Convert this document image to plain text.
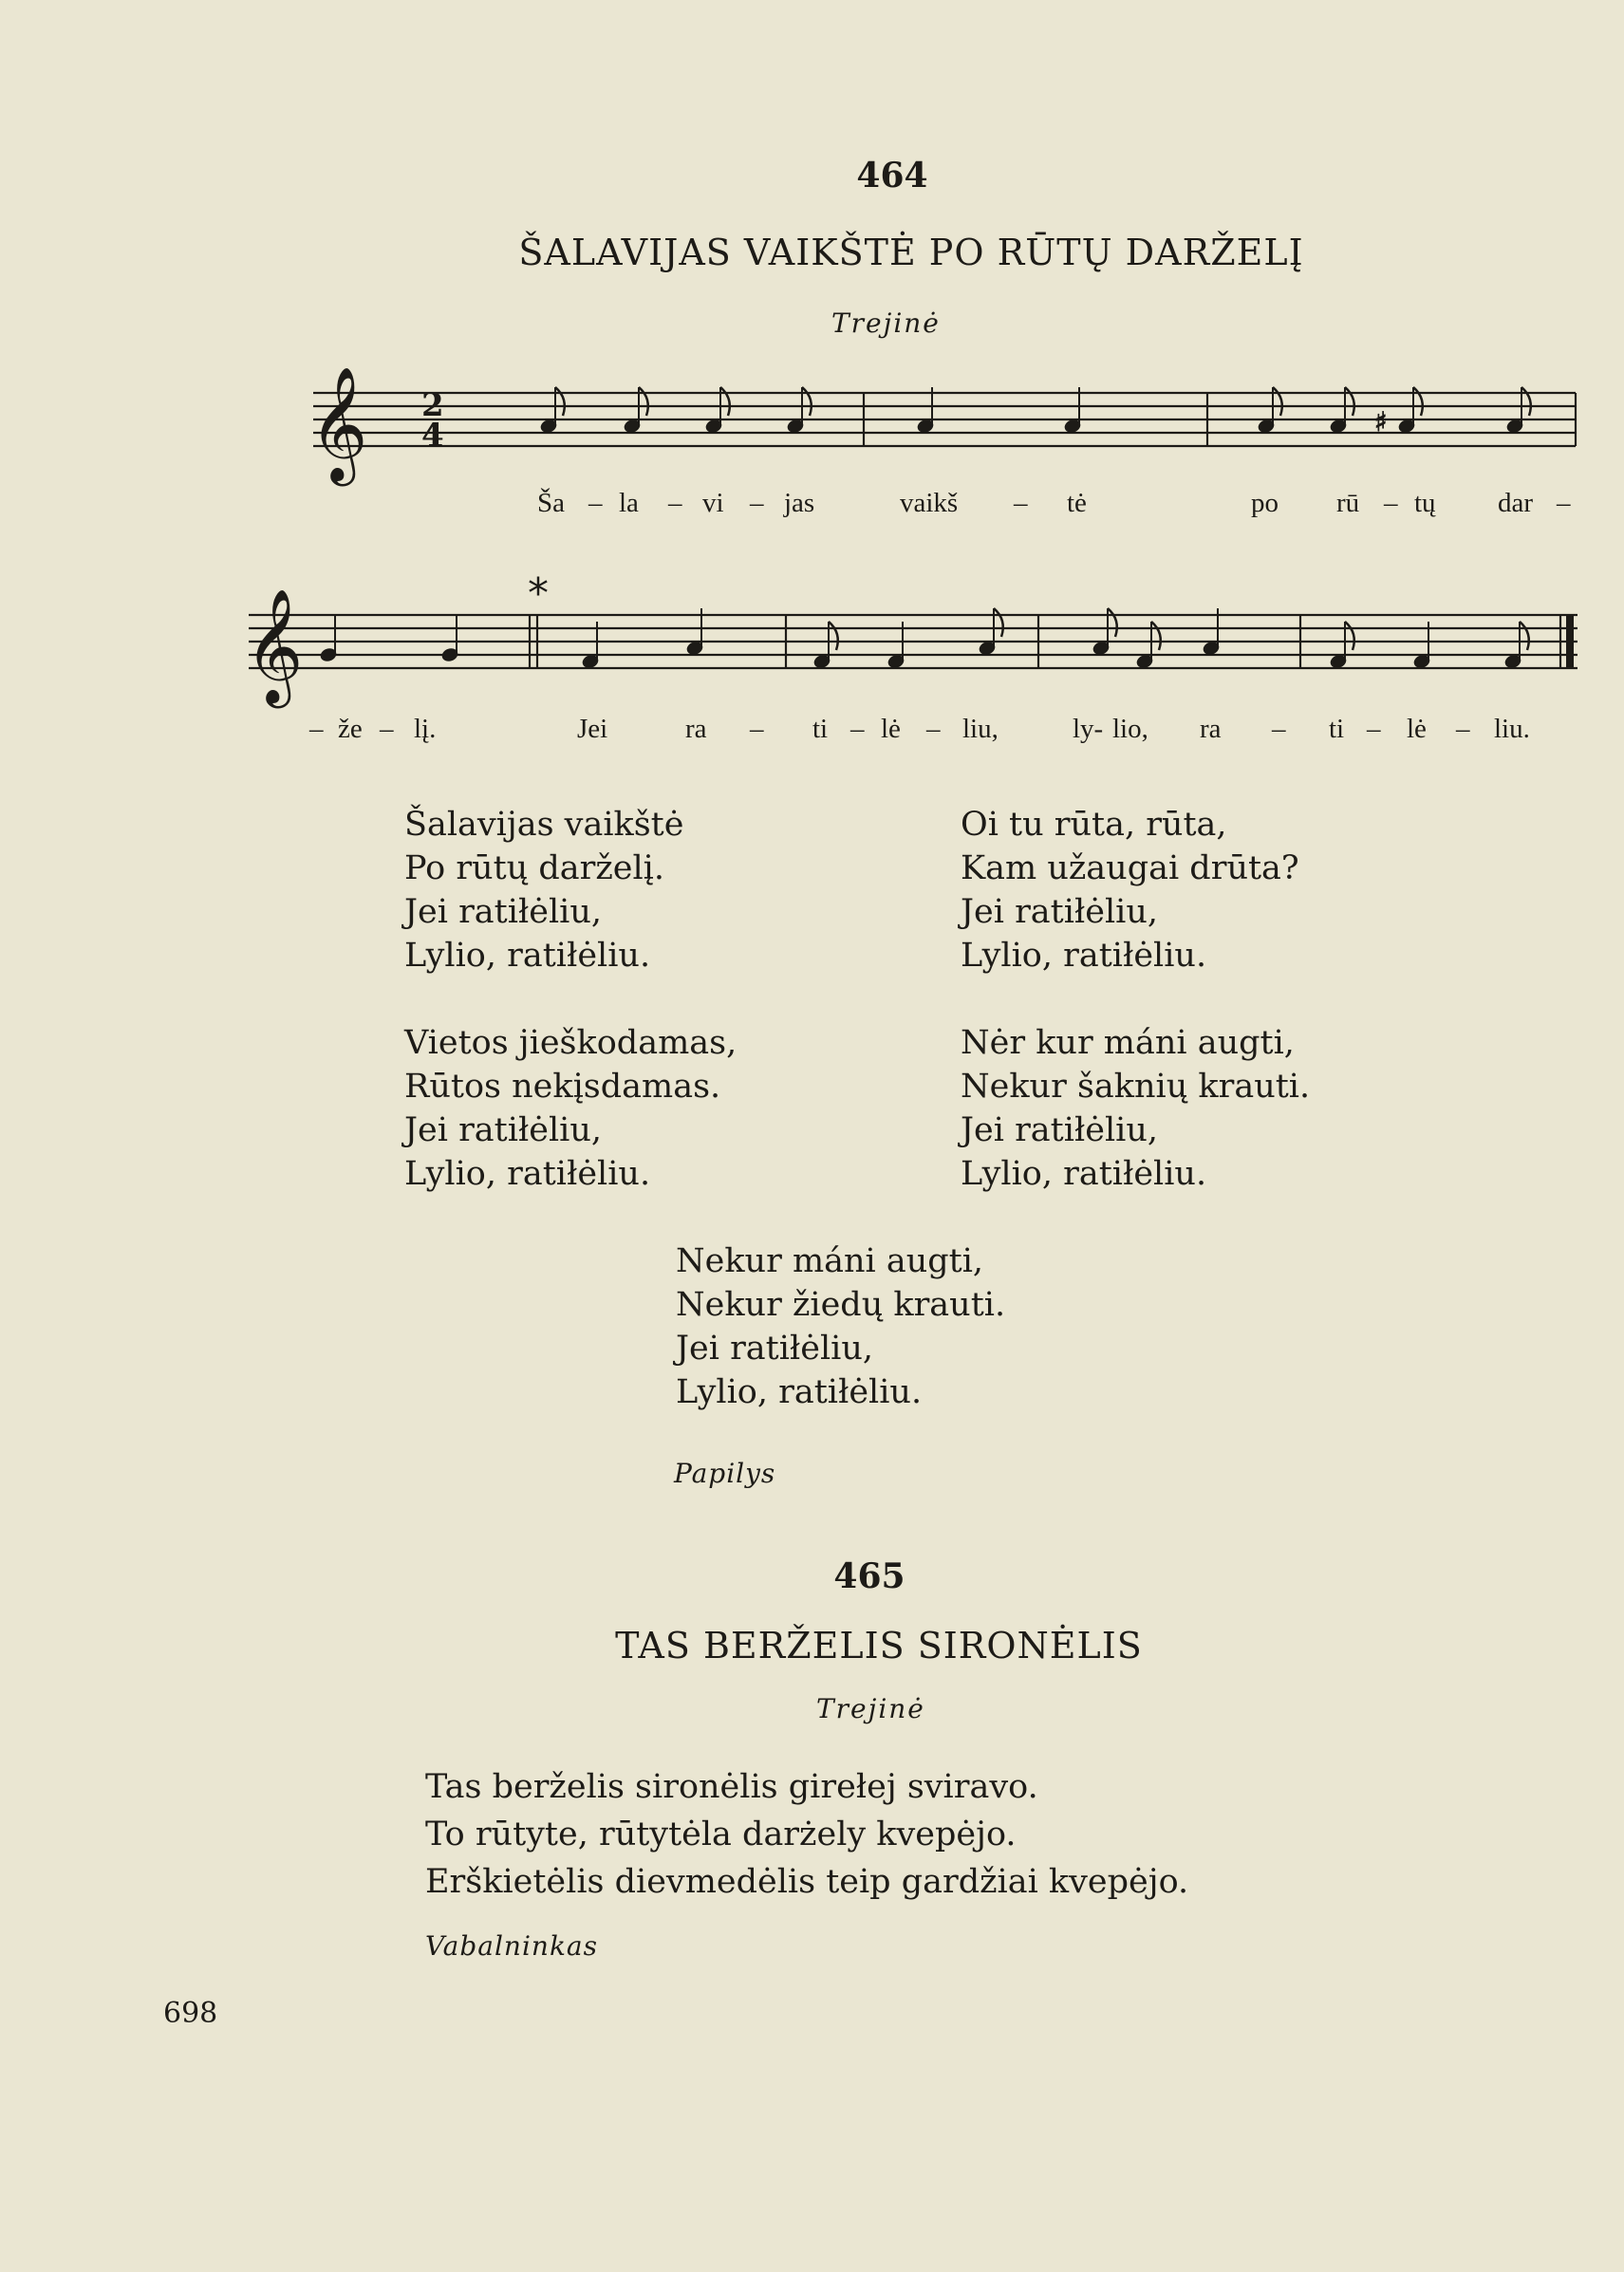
464
ŠALAVIJAS VAIKŠTĖ PO RŪTŲ DARŽELĮ
Trejinė
𝄞 2
4	♯
𝄞	*
Ša – la – vi – jas	vaikš – tė	po rū – tų dar –
– že – lį.	Jei	ra – ti – lė – liu,	ly- lio, ra – ti – lė – liu.
Šalavijas vaikštė
Po rūtų darželį.
Jei ratiłėliu,
Lylio, ratiłėliu.
Vietos jieškodamas,
Rūtos nekįsdamas.
Jei ratiłėliu,
Lylio, ratiłėliu.
Oi tu rūta, rūta,
Kam užaugai drūta?
Jei ratiłėliu,
Lylio, ratiłėliu.
Nėr kur máni augti,
Nekur šaknių krauti.
Jei ratiłėliu,
Lylio, ratiłėliu.
Nekur máni augti,
Nekur žiedų krauti.
Jei ratiłėliu,
Lylio, ratiłėliu.
Papilys
465
TAS BERŽELIS SIRONĖLIS
Trejinė
Tas berželis sironėlis girełej sviravo.
To rūtyte, rūtytėla darżely kvepėjo.
Erškietėlis dievmedėlis teip gardžiai kvepėjo.
Vabalninkas
698
